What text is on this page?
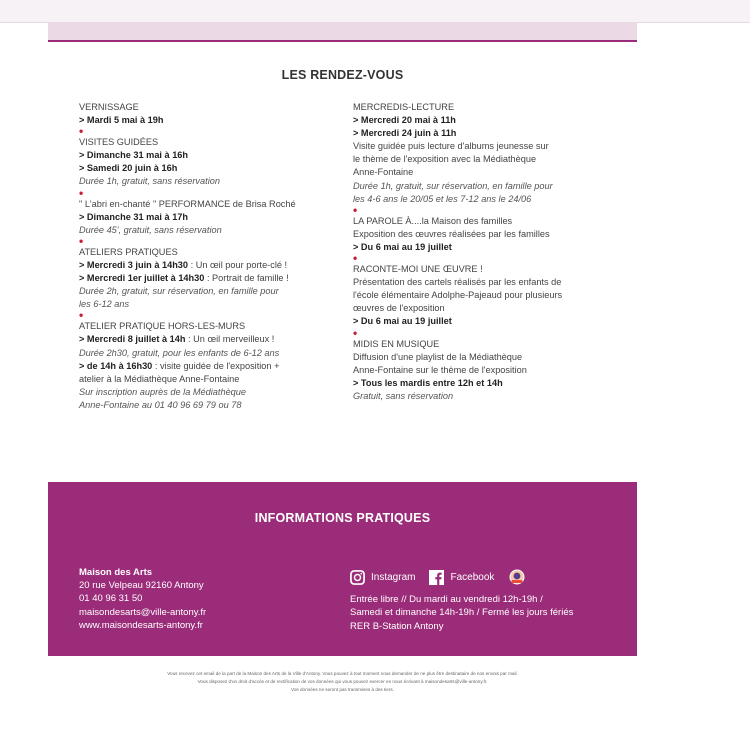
LES RENDEZ-VOUS
VERNISSAGE
> Mardi 5 mai à 19h
•
VISITES GUIDÉES
> Dimanche 31 mai à 16h
> Samedi 20 juin à 16h
Durée 1h, gratuit, sans réservation
•
" L'abri en-chanté " PERFORMANCE de Brisa Roché
> Dimanche 31 mai à 17h
Durée 45', gratuit, sans réservation
•
ATELIERS PRATIQUES
> Mercredi 3 juin à 14h30 : Un œil pour porte-clé !
> Mercredi 1er juillet à 14h30 : Portrait de famille !
Durée 2h, gratuit, sur réservation, en famille pour
les 6-12 ans
•
ATELIER PRATIQUE HORS-LES-MURS
> Mercredi 8 juillet à 14h : Un œil merveilleux !
Durée 2h30, gratuit, pour les enfants de 6-12 ans
> de 14h à 16h30 : visite guidée de l'exposition +
atelier à la Médiathèque Anne-Fontaine
Sur inscription auprès de la Médiathèque
Anne-Fontaine au 01 40 96 69 79 ou 78
MERCREDIS-LECTURE
> Mercredi 20 mai à 11h
> Mercredi 24 juin à 11h
Visite guidée puis lecture d'albums jeunesse sur
le thème de l'exposition avec la Médiathèque
Anne-Fontaine
Durée 1h, gratuit, sur réservation, en famille pour
les 4-6 ans le 20/05 et les 7-12 ans le 24/06
•
LA PAROLE À....la Maison des familles
Exposition des œuvres réalisées par les familles
> Du 6 mai au 19 juillet
•
RACONTE-MOI UNE ŒUVRE !
Présentation des cartels réalisés par les enfants de
l'école élémentaire Adolphe-Pajeaud pour plusieurs
œuvres de l'exposition
> Du 6 mai au 19 juillet
•
MIDIS EN MUSIQUE
Diffusion d'une playlist de la Médiathèque
Anne-Fontaine sur le thème de l'exposition
> Tous les mardis entre 12h et 14h
Gratuit, sans réservation
INFORMATIONS PRATIQUES
Maison des Arts
20 rue Velpeau 92160 Antony
01 40 96 31 50
maisondesarts@ville-antony.fr
www.maisondesarts-antony.fr
Instagram	Facebook
Entrée libre // Du mardi au vendredi 12h-19h /
Samedi et dimanche 14h-19h / Fermé les jours fériés
RER B-Station Antony
Vous recevez cet email de la part de la Maison des Arts de la Ville d'Antony. Vous pouvez à tout moment nous demander de ne plus être destinataire de nos envois par mail.
Vous disposez d'un droit d'accès et de rectification de vos données qui vous pouvez exercer en nous écrivant à maisondesarts@ville-antony.fr.
Vos données ne seront pas transmises à des tiers.
